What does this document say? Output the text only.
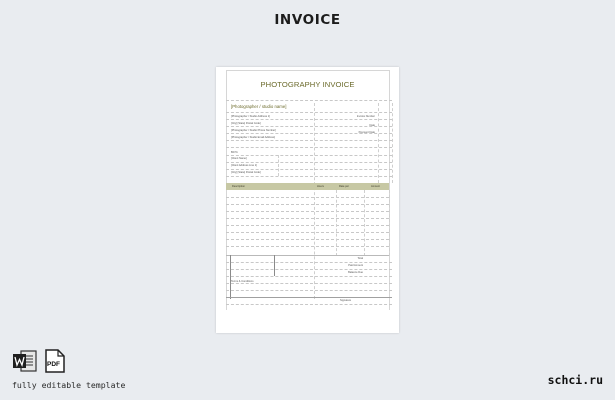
INVOICE
PHOTOGRAPHY INVOICE
[Photographer / studio name]
[Photographer / Studio Address 1]
[City] [State] Postal Code]
[Photographer / Studio Phone Number]
[Photographer / Studio Email Address]
Invoice Number
Date
Payment Date
Bill To
[Client Name]
[Client Address Line 1]
[City] [State] Postal Code]
Description	Hours	Rate per	Amount
Total
Paid Amount
Balance Due
Terms & Conditions
Signature
PDF
fully editable template	schci.ru
